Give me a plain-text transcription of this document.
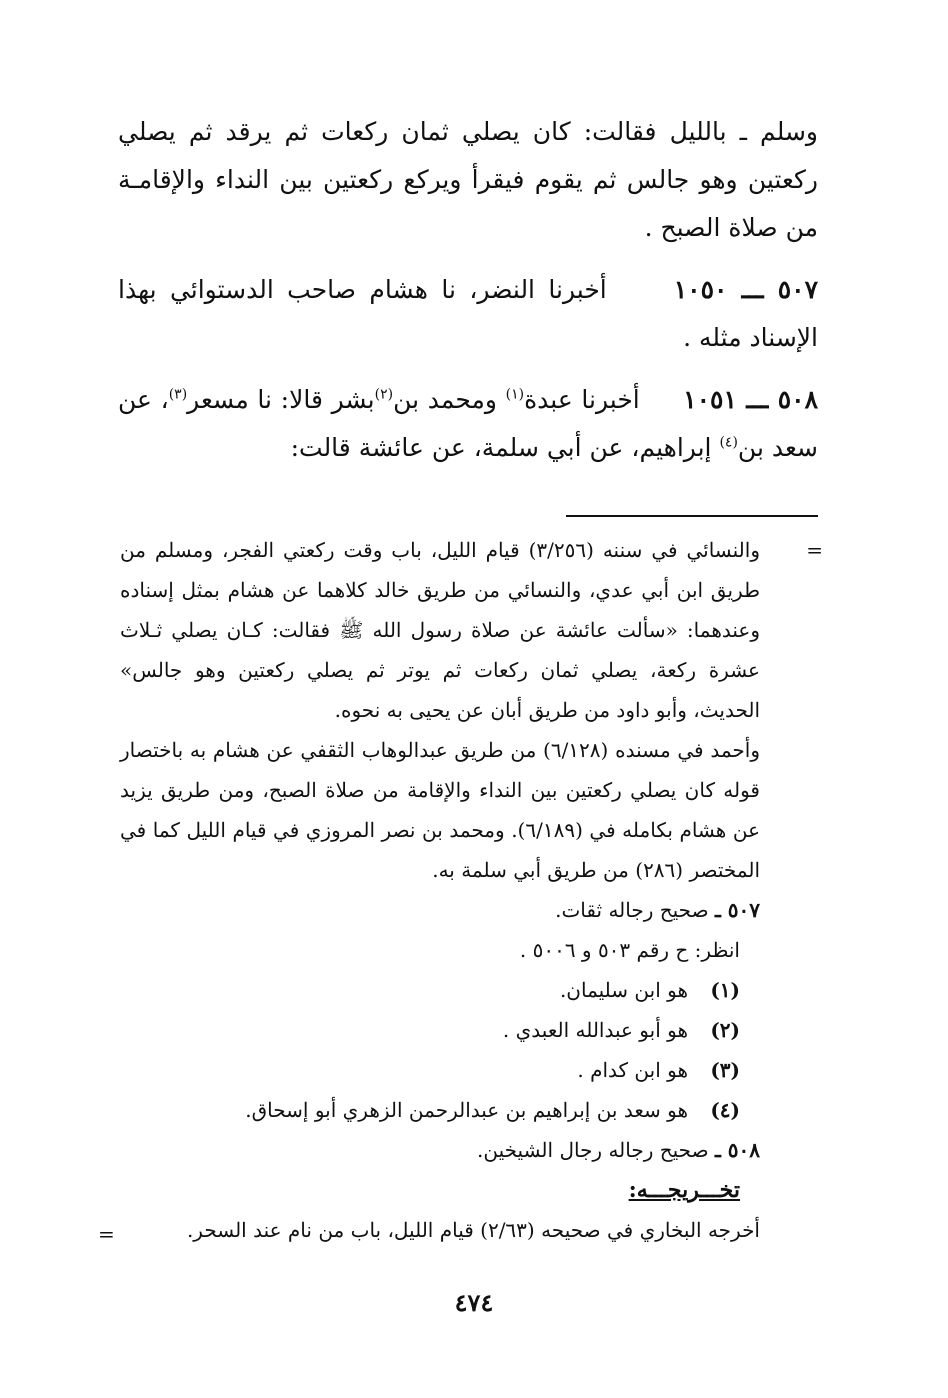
وسلم ـ بالليل فقالت: كان يصلي ثمان ركعات ثم يرقد ثم يصلي ركعتين وهو جالس ثم يقوم فيقرأ ويركع ركعتين بين النداء والإقامـة من صلاة الصبح .

٥٠٧ ـــ ١٠٥٠     أخبرنا النضر، نا هشام صاحب الدستوائي بهذا الإسناد مثله .

٥٠٨ ـــ ١٠٥١     أخبرنا عبدة$^{(١)}$ ومحمد بن$^{(٢)}$بشر قالا: نا مسعر$^{(٣)}$، عن سعد بن$^{(٤)}$ إبراهيم، عن أبي سلمة، عن عائشة قالت:

=

والنسائي في سننه (٣/٢٥٦) قيام الليل، باب وقت ركعتي الفجر، ومسلم من طريق ابن أبي عدي، والنسائي من طريق خالد كلاهما عن هشام بمثل إسناده وعندهما: «سألت عائشة عن صلاة رسول الله ﷺ فقالت: كـان يصلي ثـلاث عشرة ركعة، يصلي ثمان ركعات ثم يوتر ثم يصلي ركعتين وهو جالس» الحديث، وأبو داود من طريق أبان عن يحيى به نحوه.

وأحمد في مسنده (٦/١٢٨) من طريق عبدالوهاب الثقفي عن هشام به باختصار قوله كان يصلي ركعتين بين النداء والإقامة من صلاة الصبح، ومن طريق يزيد عن هشام بكامله في (٦/١٨٩). ومحمد بن نصر المروزي في قيام الليل كما في المختصر (٢٨٦) من طريق أبي سلمة به.

٥٠٧ ـ صحيح رجاله ثقات.

انظر: ح رقم ٥٠٣ و ٥٠٠٦ .

(١)هو ابن سليمان.

(٢)هو أبو عبدالله العبدي .

(٣)هو ابن كدام .

(٤)هو سعد بن إبراهيم بن عبدالرحمن الزهري أبو إسحاق.

٥٠٨ ـ صحيح رجاله رجال الشيخين.

تخـــريجـــه:

أخرجه البخاري في صحيحه (٢/٦٣) قيام الليل، باب من نام عند السحر.

=
٤٧٤
